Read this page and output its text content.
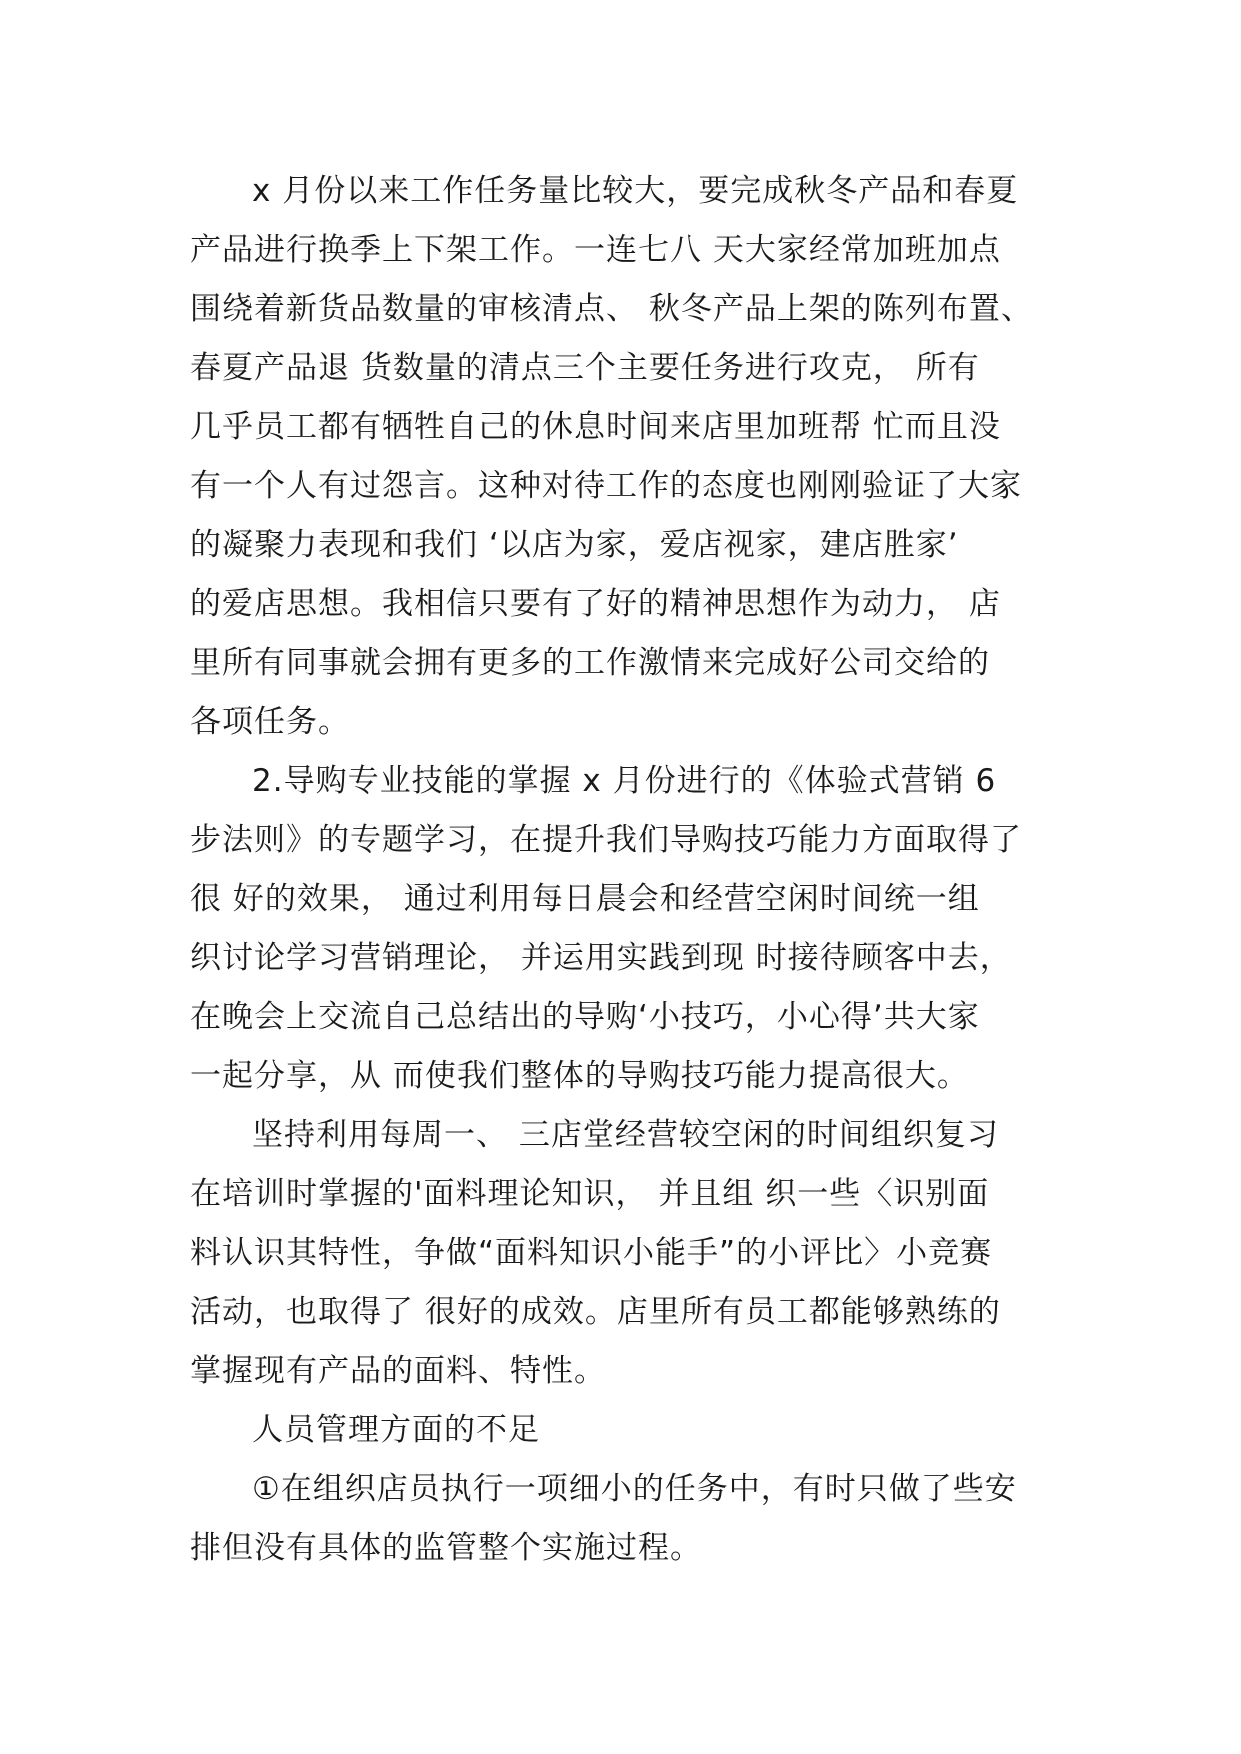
x 月份以来工作任务量比较大，要完成秋冬产品和春夏
产品进行换季上下架工作。一连七八 天大家经常加班加点
围绕着新货品数量的审核清点、 秋冬产品上架的陈列布置、
春夏产品退 货数量的清点三个主要任务进行攻克， 所有
几乎员工都有牺牲自己的休息时间来店里加班帮 忙而且没
有一个人有过怨言。这种对待工作的态度也刚刚验证了大家
的凝聚力表现和我们 ‘以店为家，爱店视家，建店胜家’
的爱店思想。我相信只要有了好的精神思想作为动力， 店
里所有同事就会拥有更多的工作激情来完成好公司交给的
各项任务。
2.导购专业技能的掌握 x 月份进行的《体验式营销 6
步法则》的专题学习，在提升我们导购技巧能力方面取得了
很 好的效果， 通过利用每日晨会和经营空闲时间统一组
织讨论学习营销理论， 并运用实践到现 时接待顾客中去，
在晚会上交流自己总结出的导购‘小技巧，小心得’共大家
一起分享，从 而使我们整体的导购技巧能力提高很大。
坚持利用每周一、 三店堂经营较空闲的时间组织复习
在培训时掌握的'面料理论知识， 并且组 织一些〈识别面
料认识其特性，争做“面料知识小能手”的小评比〉小竞赛
活动，也取得了 很好的成效。店里所有员工都能够熟练的
掌握现有产品的面料、特性。
人员管理方面的不足
①在组织店员执行一项细小的任务中，有时只做了些安
排但没有具体的监管整个实施过程。
